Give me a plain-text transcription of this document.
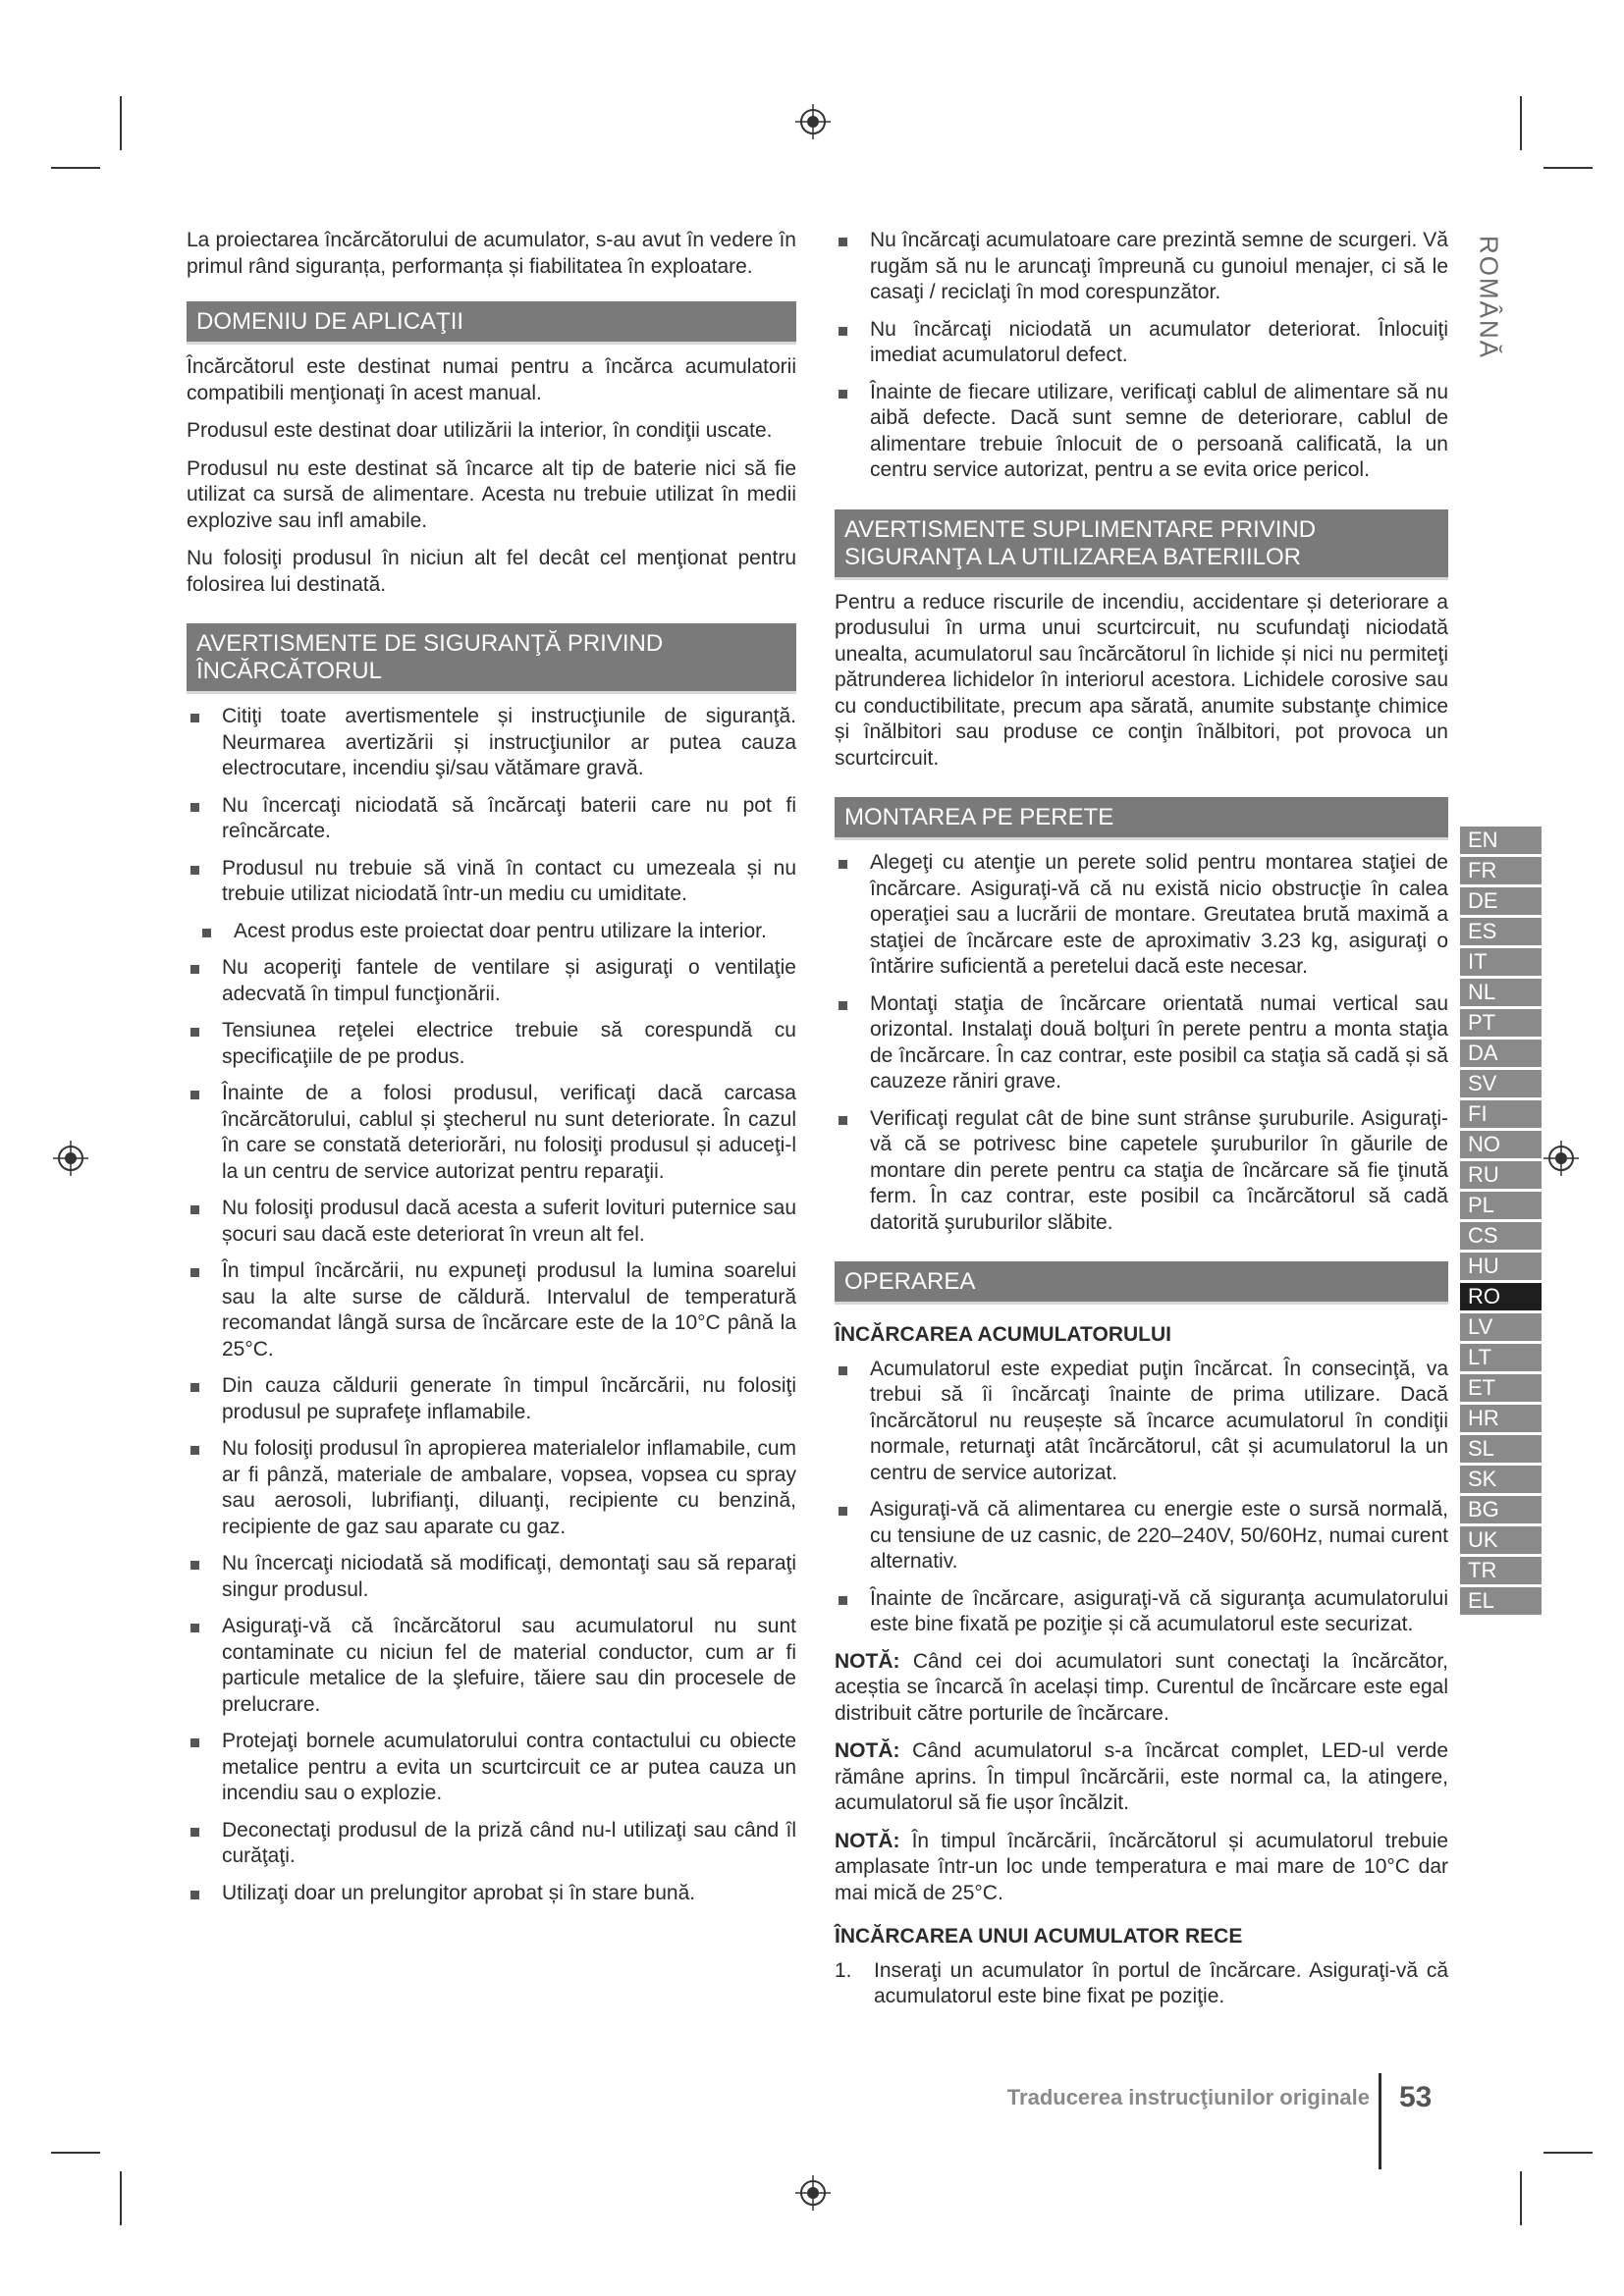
La proiectarea încărcătorului de acumulator, s-au avut în vedere în primul rând siguranța, performanța și fiabilitatea în exploatare.

DOMENIU DE APLICAŢII

Încărcătorul este destinat numai pentru a încărca acumulatorii compatibili menţionaţi în acest manual.

Produsul este destinat doar utilizării la interior, în condiţii uscate.

Produsul nu este destinat să încarce alt tip de baterie nici să fie utilizat ca sursă de alimentare. Acesta nu trebuie utilizat în medii explozive sau infl amabile.

Nu folosiţi produsul în niciun alt fel decât cel menţionat pentru folosirea lui destinată.

AVERTISMENTE DE SIGURANŢĂ PRIVIND ÎNCĂRCĂTORUL
Citiţi toate avertismentele și instrucţiunile de siguranţă. Neurmarea avertizării și instrucţiunilor ar putea cauza electrocutare, incendiu şi/sau vătămare gravă.
Nu încercaţi niciodată să încărcaţi baterii care nu pot fi reîncărcate.
Produsul nu trebuie să vină în contact cu umezeala și nu trebuie utilizat niciodată într-un mediu cu umiditate.
Acest produs este proiectat doar pentru utilizare la interior.
Nu acoperiţi fantele de ventilare și asiguraţi o ventilaţie adecvată în timpul funcţionării.
Tensiunea reţelei electrice trebuie să corespundă cu specificaţiile de pe produs.
Înainte de a folosi produsul, verificaţi dacă carcasa încărcătorului, cablul și ştecherul nu sunt deteriorate. În cazul în care se constată deteriorări, nu folosiţi produsul și aduceţi-l la un centru de service autorizat pentru reparaţii.
Nu folosiţi produsul dacă acesta a suferit lovituri puternice sau șocuri sau dacă este deteriorat în vreun alt fel.
În timpul încărcării, nu expuneţi produsul la lumina soarelui sau la alte surse de căldură. Intervalul de temperatură recomandat lângă sursa de încărcare este de la 10°C până la 25°C.
Din cauza căldurii generate în timpul încărcării, nu folosiţi produsul pe suprafeţe inflamabile.
Nu folosiţi produsul în apropierea materialelor inflamabile, cum ar fi pânză, materiale de ambalare, vopsea, vopsea cu spray sau aerosoli, lubrifianţi, diluanţi, recipiente cu benzină, recipiente de gaz sau aparate cu gaz.
Nu încercaţi niciodată să modificaţi, demontaţi sau să reparaţi singur produsul.
Asiguraţi-vă că încărcătorul sau acumulatorul nu sunt contaminate cu niciun fel de material conductor, cum ar fi particule metalice de la şlefuire, tăiere sau din procesele de prelucrare.
Protejaţi bornele acumulatorului contra contactului cu obiecte metalice pentru a evita un scurtcircuit ce ar putea cauza un incendiu sau o explozie.
Deconectaţi produsul de la priză când nu-l utilizaţi sau când îl curăţaţi.
Utilizaţi doar un prelungitor aprobat și în stare bună.
Nu încărcaţi acumulatoare care prezintă semne de scurgeri. Vă rugăm să nu le aruncaţi împreună cu gunoiul menajer, ci să le casaţi / reciclaţi în mod corespunzător.
Nu încărcaţi niciodată un acumulator deteriorat. Înlocuiţi imediat acumulatorul defect.
Înainte de fiecare utilizare, verificaţi cablul de alimentare să nu aibă defecte. Dacă sunt semne de deteriorare, cablul de alimentare trebuie înlocuit de o persoană calificată, la un centru service autorizat, pentru a se evita orice pericol.
AVERTISMENTE SUPLIMENTARE PRIVIND SIGURANŢA LA UTILIZAREA BATERIILOR

Pentru a reduce riscurile de incendiu, accidentare și deteriorare a produsului în urma unui scurtcircuit, nu scufundaţi niciodată unealta, acumulatorul sau încărcătorul în lichide și nici nu permiteţi pătrunderea lichidelor în interiorul acestora. Lichidele corosive sau cu conductibilitate, precum apa sărată, anumite substanţe chimice și înălbitori sau produse ce conţin înălbitori, pot provoca un scurtcircuit.

MONTAREA PE PERETE
Alegeţi cu atenţie un perete solid pentru montarea staţiei de încărcare. Asiguraţi-vă că nu există nicio obstrucţie în calea operaţiei sau a lucrării de montare. Greutatea brută maximă a staţiei de încărcare este de aproximativ 3.23 kg, asiguraţi o întărire suficientă a peretelui dacă este necesar.
Montaţi staţia de încărcare orientată numai vertical sau orizontal. Instalaţi două bolţuri în perete pentru a monta staţia de încărcare. În caz contrar, este posibil ca staţia să cadă și să cauzeze răniri grave.
Verificaţi regulat cât de bine sunt strânse şuruburile. Asiguraţi-vă că se potrivesc bine capetele şuruburilor în găurile de montare din perete pentru ca staţia de încărcare să fie ţinută ferm. În caz contrar, este posibil ca încărcătorul să cadă datorită şuruburilor slăbite.
OPERAREA
ÎNCĂRCAREA ACUMULATORULUI
Acumulatorul este expediat puţin încărcat. În consecinţă, va trebui să îi încărcaţi înainte de prima utilizare. Dacă încărcătorul nu reușește să încarce acumulatorul în condiţii normale, returnaţi atât încărcătorul, cât și acumulatorul la un centru de service autorizat.
Asiguraţi-vă că alimentarea cu energie este o sursă normală, cu tensiune de uz casnic, de 220–240V, 50/60Hz, numai curent alternativ.
Înainte de încărcare, asiguraţi-vă că siguranţa acumulatorului este bine fixată pe poziţie și că acumulatorul este securizat.

NOTĂ: Când cei doi acumulatori sunt conectaţi la încărcător, aceștia se încarcă în același timp. Curentul de încărcare este egal distribuit către porturile de încărcare.

NOTĂ: Când acumulatorul s-a încărcat complet, LED-ul verde rămâne aprins. În timpul încărcării, este normal ca, la atingere, acumulatorul să fie ușor încălzit.

NOTĂ: În timpul încărcării, încărcătorul și acumulatorul trebuie amplasate într-un loc unde temperatura e mai mare de 10°C dar mai mică de 25°C.

ÎNCĂRCAREA UNUI ACUMULATOR RECE
1. Inseraţi un acumulator în portul de încărcare. Asiguraţi-vă că acumulatorul este bine fixat pe poziţie.
ROMÂNĂ
EN
FR
DE
ES
IT
NL
PT
DA
SV
FI
NO
RU
PL
CS
HU
RO
LV
LT
ET
HR
SL
SK
BG
UK
TR
EL
Traducerea instrucţiunilor originale 53
